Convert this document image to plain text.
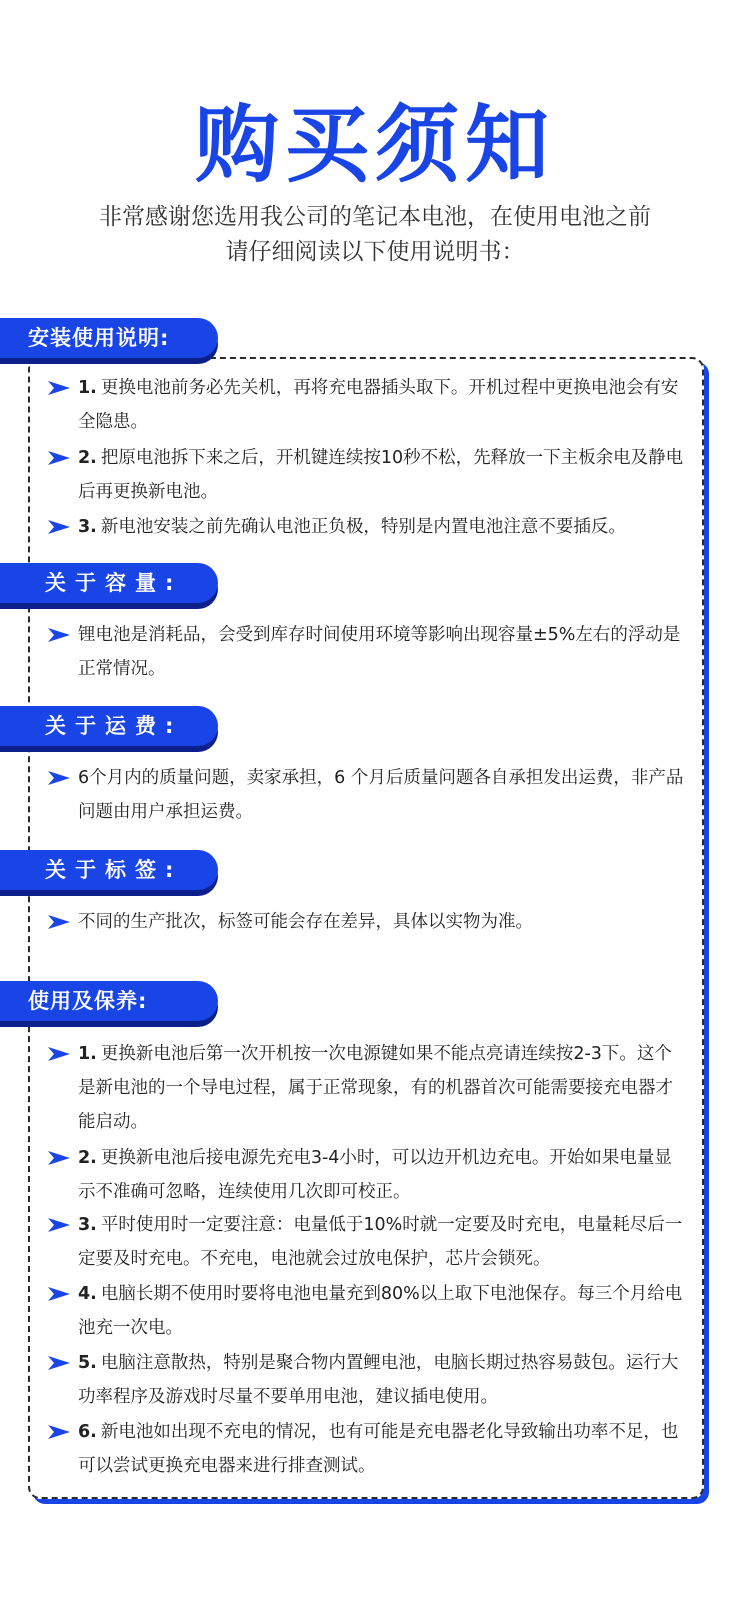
购买须知
非常感谢您选用我公司的笔记本电池，在使用电池之前
请仔细阅读以下使用说明书：
安装使用说明:
1. 更换电池前务必先关机，再将充电器插头取下。开机过程中更换电池会有安全隐患。
2. 把原电池拆下来之后，开机键连续按10秒不松，先释放一下主板余电及静电后再更换新电池。
3. 新电池安装之前先确认电池正负极，特别是内置电池注意不要插反。
关于容量:
锂电池是消耗品，会受到库存时间使用环境等影响出现容量±5%左右的浮动是正常情况。
关于运费:
6个月内的质量问题，卖家承担，6 个月后质量问题各自承担发出运费，非产品问题由用户承担运费。
关于标签:
不同的生产批次，标签可能会存在差异，具体以实物为准。
使用及保养:
1. 更换新电池后第一次开机按一次电源键如果不能点亮请连续按2-3下。这个是新电池的一个导电过程，属于正常现象，有的机器首次可能需要接充电器才能启动。
2. 更换新电池后接电源先充电3-4小时，可以边开机边充电。开始如果电量显示不准确可忽略，连续使用几次即可校正。
3. 平时使用时一定要注意：电量低于10%时就一定要及时充电，电量耗尽后一定要及时充电。不充电，电池就会过放电保护，芯片会锁死。
4. 电脑长期不使用时要将电池电量充到80%以上取下电池保存。每三个月给电池充一次电。
5. 电脑注意散热，特别是聚合物内置鲤电池，电脑长期过热容易鼓包。运行大功率程序及游戏时尽量不要单用电池，建议插电使用。
6. 新电池如出现不充电的情况，也有可能是充电器老化导致输出功率不足，也可以尝试更换充电器来进行排查测试。
